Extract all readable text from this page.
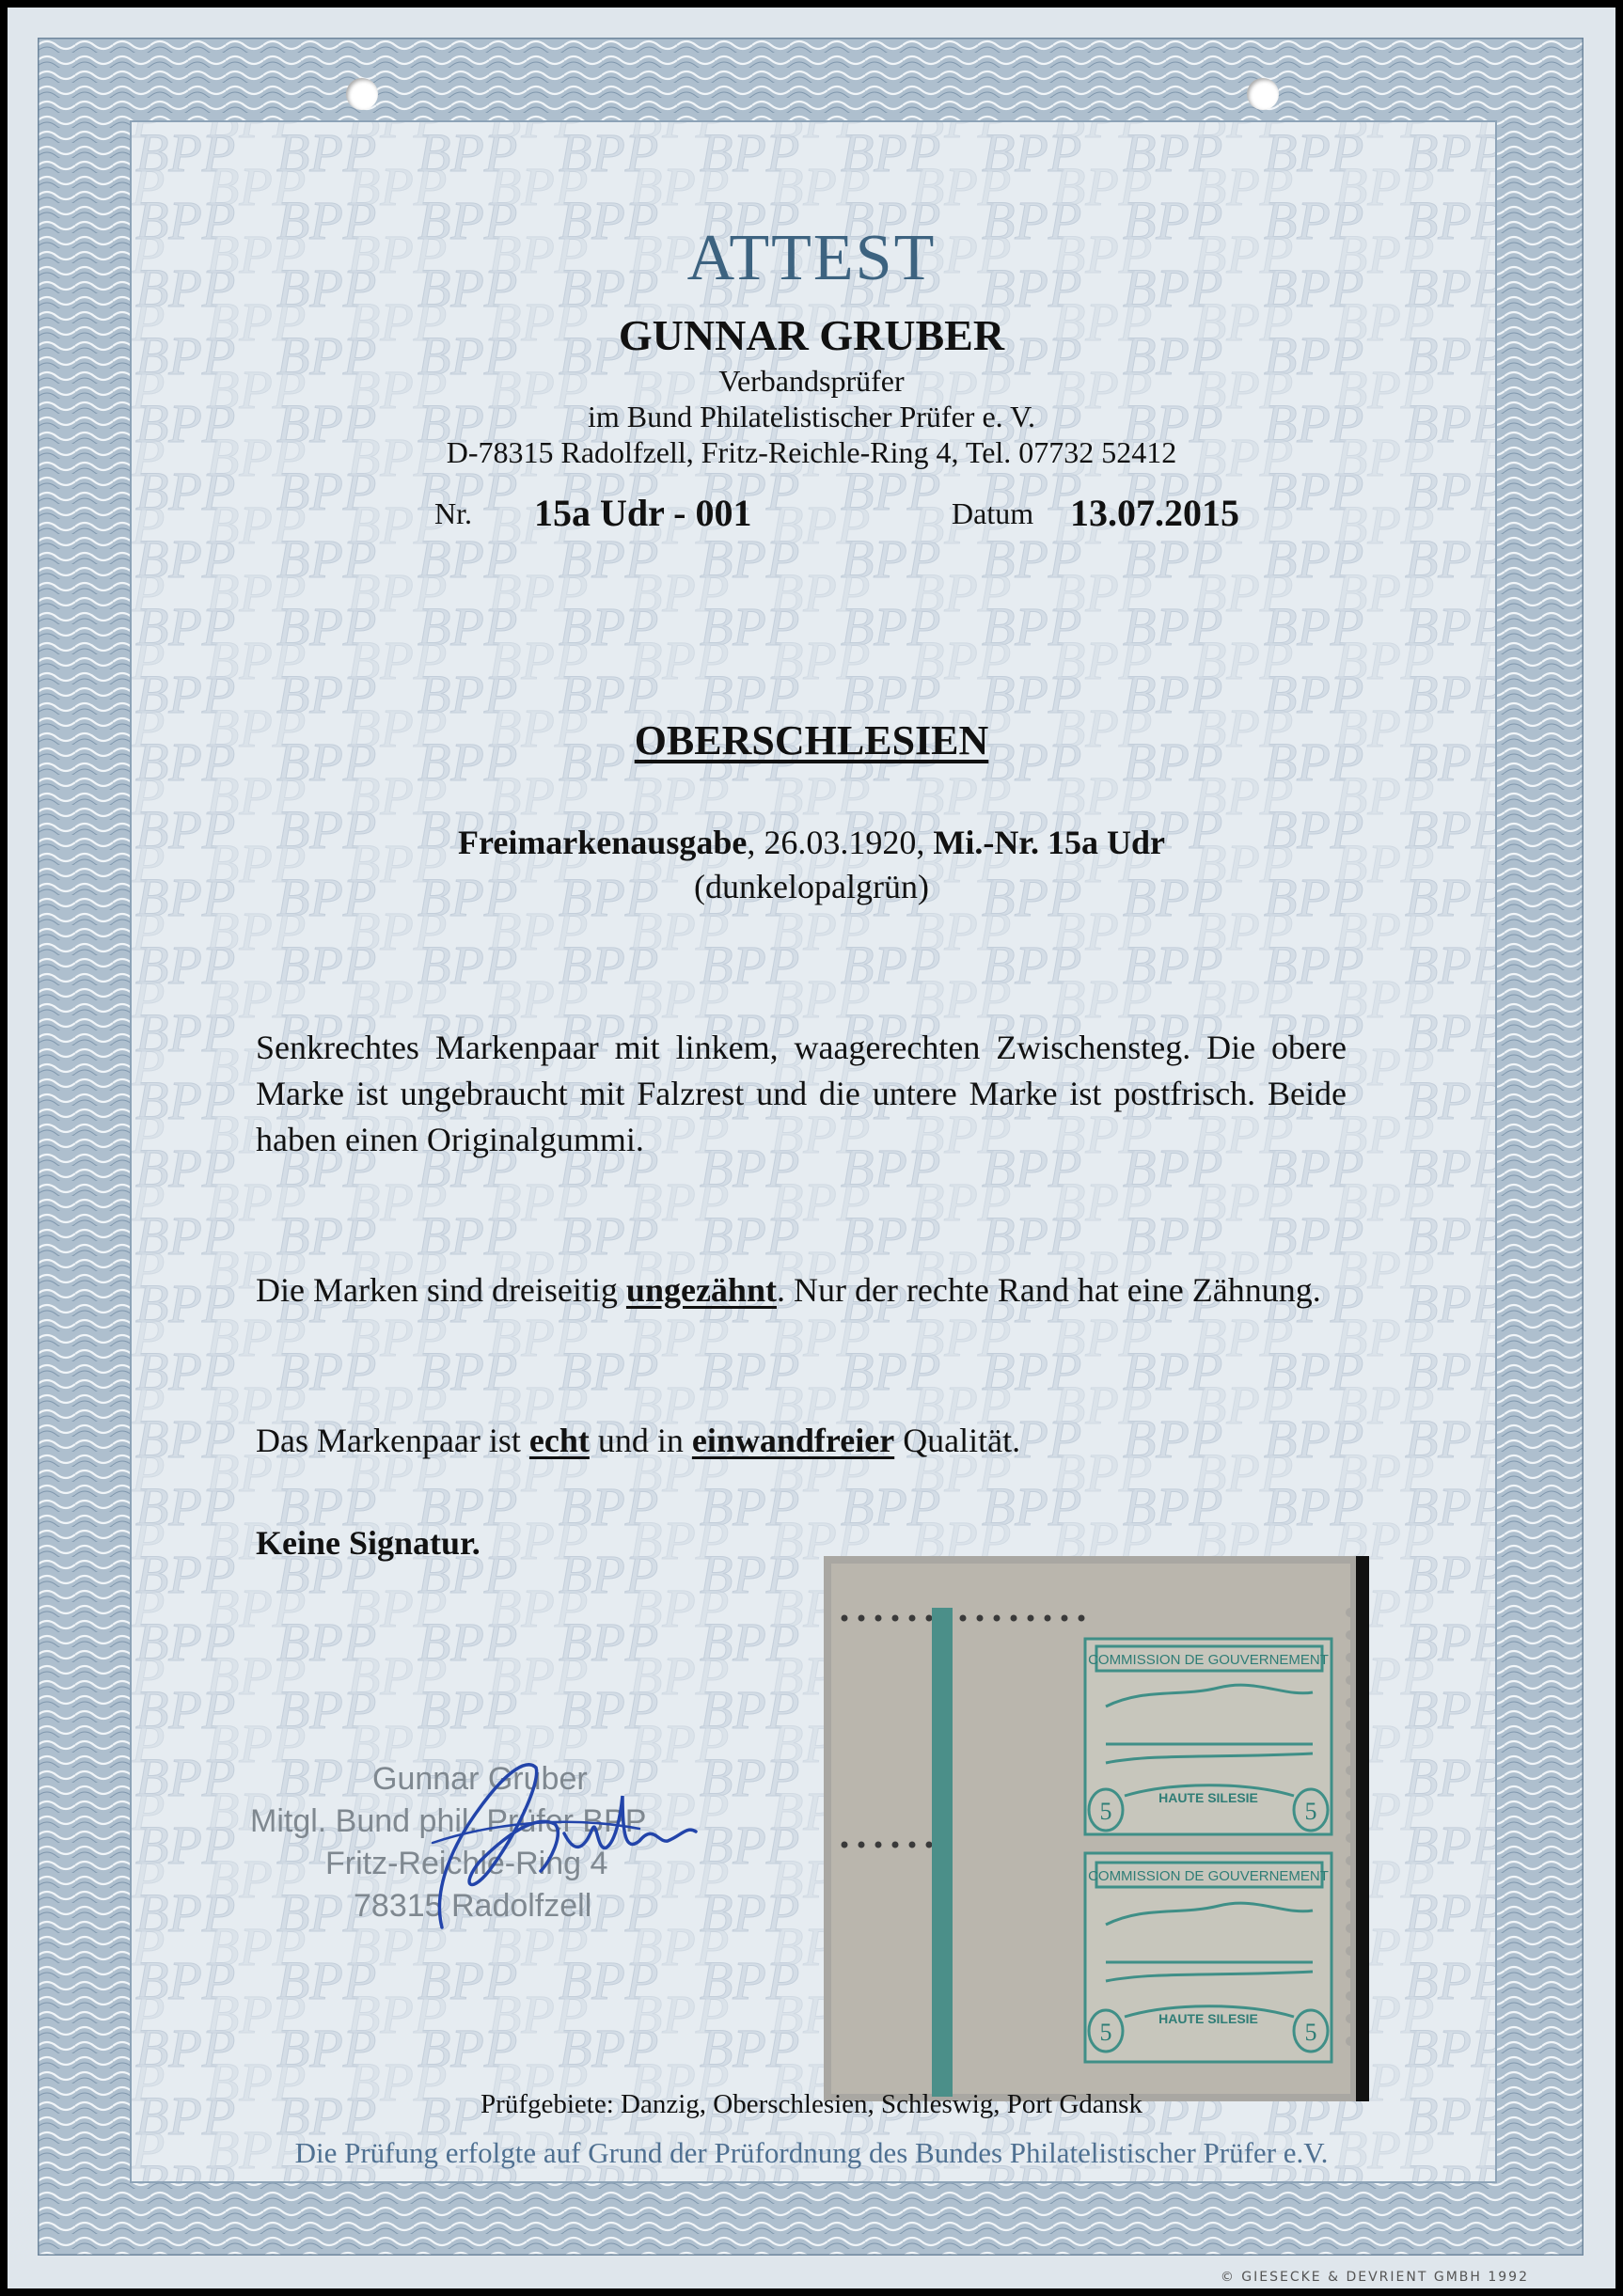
ATTEST
GUNNAR GRUBER
Verbandsprüfer
im Bund Philatelistischer Prüfer e. V.
D-78315 Radolfzell, Fritz-Reichle-Ring 4, Tel. 07732 52412
Nr. 15a Udr - 001	Datum 13.07.2015
OBERSCHLESIEN
Freimarkenausgabe, 26.03.1920, Mi.-Nr. 15a Udr
(dunkelopalgrün)
Senkrechtes Markenpaar mit linkem, waagerechten Zwischensteg. Die obere Marke ist ungebraucht mit Falzrest und die untere Marke ist postfrisch. Beide haben einen Originalgummi.
Die Marken sind dreiseitig ungezähnt. Nur der rechte Rand hat eine Zähnung.
Das Markenpaar ist echt und in einwandfreier Qualität.
Keine Signatur.
Gunnar Gruber
Mitgl. Bund phil. Prüfer BPP
Fritz-Reichle-Ring 4
78315 Radolfzell
COMMISSION DE GOUVERNEMENT
HAUTE SILESIE
5	5
COMMISSION DE GOUVERNEMENT
HAUTE SILESIE
5	5
Prüfgebiete: Danzig, Oberschlesien, Schleswig, Port Gdansk
Die Prüfung erfolgte auf Grund der Prüfordnung des Bundes Philatelistischer Prüfer e.V.
© GIESECKE & DEVRIENT GMBH 1992
